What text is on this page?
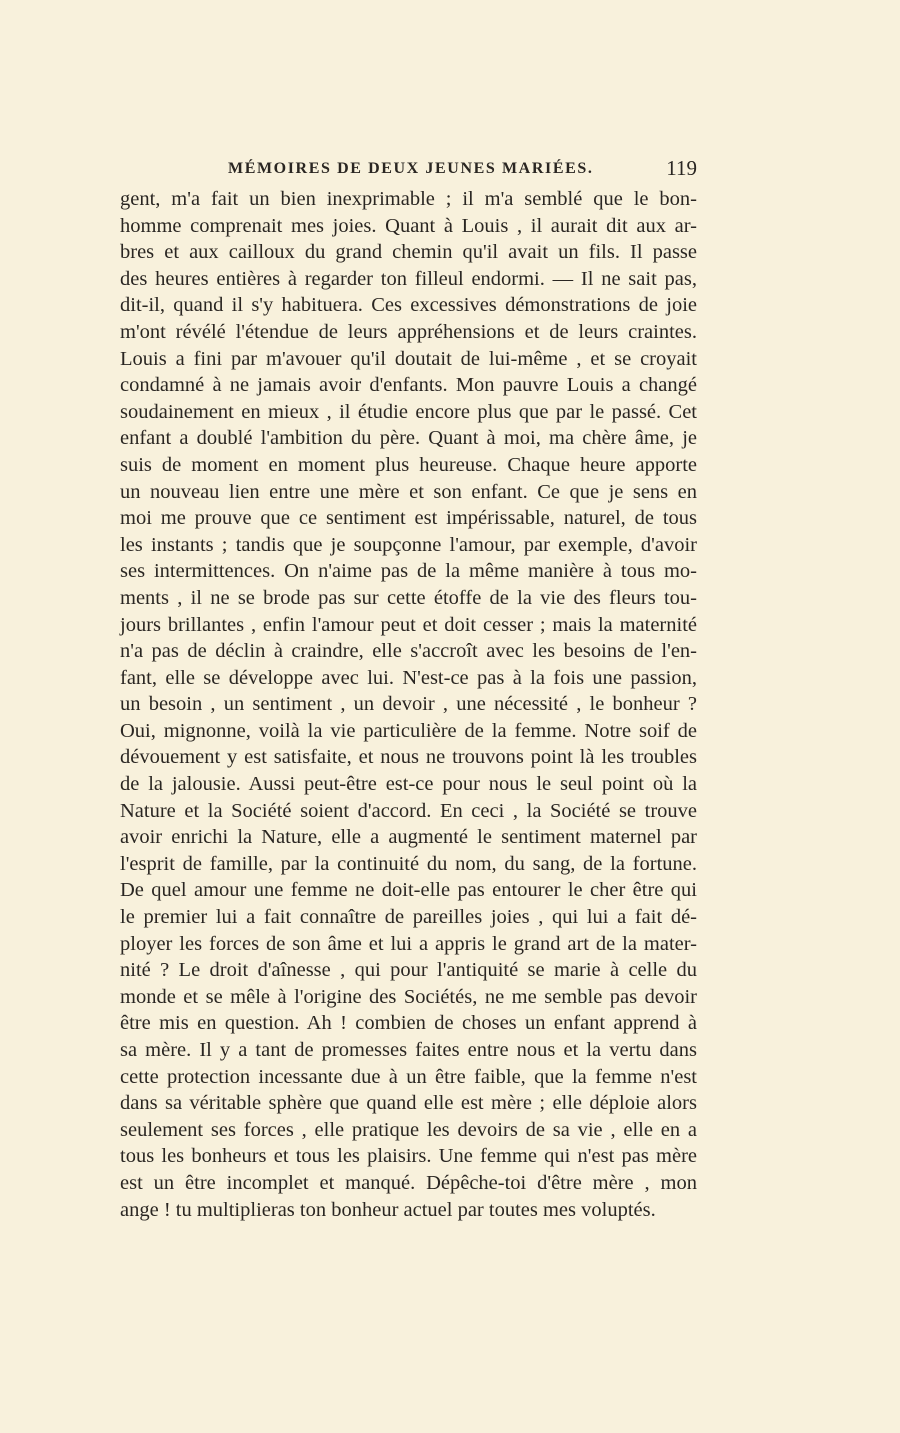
MÉMOIRES DE DEUX JEUNES MARIÉES.	119
gent, m'a fait un bien inexprimable ; il m'a semblé que le bon-
homme comprenait mes joies. Quant à Louis , il aurait dit aux ar-
bres et aux cailloux du grand chemin qu'il avait un fils. Il passe
des heures entières à regarder ton filleul endormi. — Il ne sait pas,
dit-il, quand il s'y habituera. Ces excessives démonstrations de joie
m'ont révélé l'étendue de leurs appréhensions et de leurs craintes.
Louis a fini par m'avouer qu'il doutait de lui-même , et se croyait
condamné à ne jamais avoir d'enfants. Mon pauvre Louis a changé
soudainement en mieux , il étudie encore plus que par le passé. Cet
enfant a doublé l'ambition du père. Quant à moi, ma chère âme, je
suis de moment en moment plus heureuse. Chaque heure apporte
un nouveau lien entre une mère et son enfant. Ce que je sens en
moi me prouve que ce sentiment est impérissable, naturel, de tous
les instants ; tandis que je soupçonne l'amour, par exemple, d'avoir
ses intermittences. On n'aime pas de la même manière à tous mo-
ments , il ne se brode pas sur cette étoffe de la vie des fleurs tou-
jours brillantes , enfin l'amour peut et doit cesser ; mais la maternité
n'a pas de déclin à craindre, elle s'accroît avec les besoins de l'en-
fant, elle se développe avec lui. N'est-ce pas à la fois une passion,
un besoin , un sentiment , un devoir , une nécessité , le bonheur ?
Oui, mignonne, voilà la vie particulière de la femme. Notre soif de
dévouement y est satisfaite, et nous ne trouvons point là les troubles
de la jalousie. Aussi peut-être est-ce pour nous le seul point où la
Nature et la Société soient d'accord. En ceci , la Société se trouve
avoir enrichi la Nature, elle a augmenté le sentiment maternel par
l'esprit de famille, par la continuité du nom, du sang, de la fortune.
De quel amour une femme ne doit-elle pas entourer le cher être qui
le premier lui a fait connaître de pareilles joies , qui lui a fait dé-
ployer les forces de son âme et lui a appris le grand art de la mater-
nité ? Le droit d'aînesse , qui pour l'antiquité se marie à celle du
monde et se mêle à l'origine des Sociétés, ne me semble pas devoir
être mis en question. Ah ! combien de choses un enfant apprend à
sa mère. Il y a tant de promesses faites entre nous et la vertu dans
cette protection incessante due à un être faible, que la femme n'est
dans sa véritable sphère que quand elle est mère ; elle déploie alors
seulement ses forces , elle pratique les devoirs de sa vie , elle en a
tous les bonheurs et tous les plaisirs. Une femme qui n'est pas mère
est un être incomplet et manqué. Dépêche-toi d'être mère , mon
ange ! tu multiplieras ton bonheur actuel par toutes mes voluptés.
